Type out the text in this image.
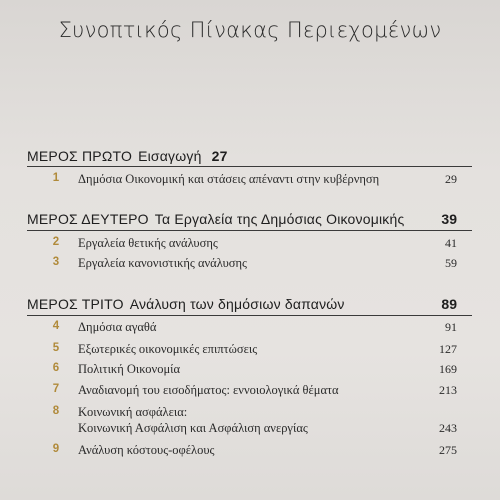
Συνοπτικός Πίνακας Περιεχομένων
ΜΕΡΟΣ ΠΡΩΤΟ Εισαγωγή 27
1	Δημόσια Οικονομική και στάσεις απέναντι στην κυβέρνηση	29
ΜΕΡΟΣ ΔΕΥΤΕΡΟ Τα Εργαλεία της Δημόσιας Οικονομικής	39
2	Εργαλεία θετικής ανάλυσης	41
3	Εργαλεία κανονιστικής ανάλυσης	59
ΜΕΡΟΣ ΤΡΙΤΟ Ανάλυση των δημόσιων δαπανών	89
4	Δημόσια αγαθά	91
5	Εξωτερικές οικονομικές επιπτώσεις	127
6	Πολιτική Οικονομία	169
7	Αναδιανομή του εισοδήματος: εννοιολογικά θέματα	213
8	Κοινωνική ασφάλεια:
Κοινωνική Ασφάλιση και Ασφάλιση ανεργίας	243
9	Ανάλυση κόστους-οφέλους	275
